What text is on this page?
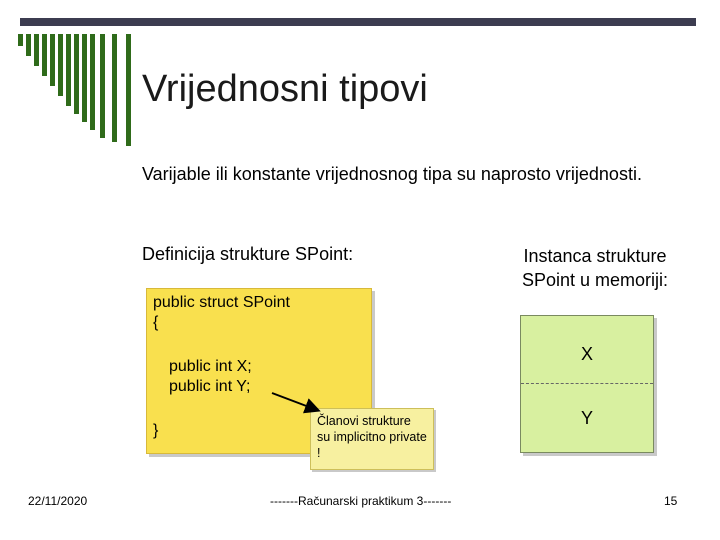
Vrijednosni tipovi
Varijable ili konstante vrijednosnog tipa su naprosto vrijednosti.
Definicija strukture SPoint:	Instanca strukture SPoint u memoriji:
public struct SPoint
{
public int X;
public int Y;
}
Članovi strukture su implicitno private !
X
Y
22/11/2020	-------Računarski praktikum 3-------	15
